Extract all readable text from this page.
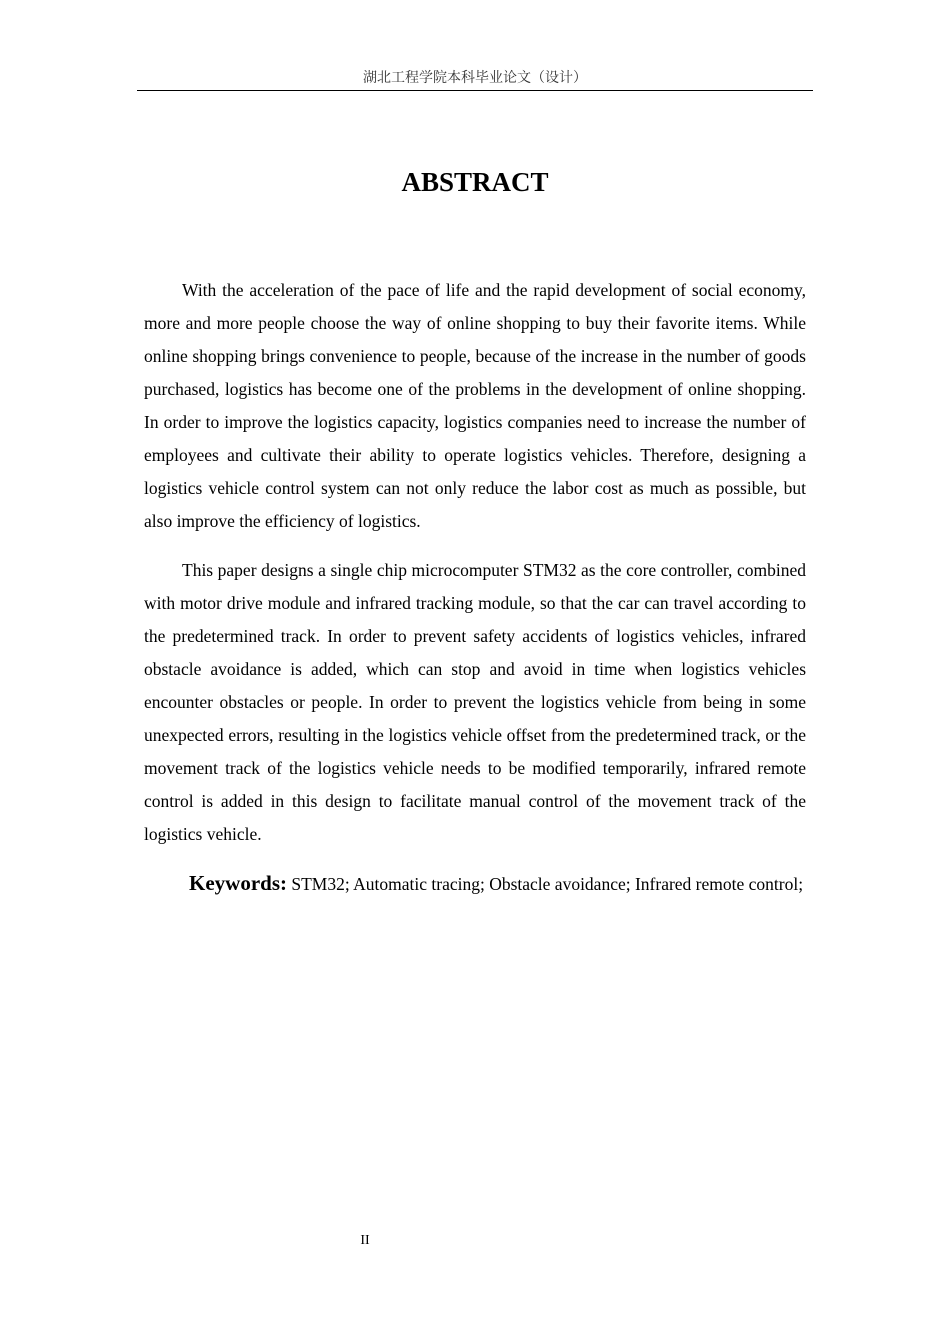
湖北工程学院本科毕业论文（设计）
ABSTRACT

With the acceleration of the pace of life and the rapid development of social economy, more and more people choose the way of online shopping to buy their favorite items. While online shopping brings convenience to people, because of the increase in the number of goods purchased, logistics has become one of the problems in the development of online shopping. In order to improve the logistics capacity, logistics companies need to increase the number of employees and cultivate their ability to operate logistics vehicles. Therefore, designing a logistics vehicle control system can not only reduce the labor cost as much as possible, but also improve the efficiency of logistics.

This paper designs a single chip microcomputer STM32 as the core controller, combined with motor drive module and infrared tracking module, so that the car can travel according to the predetermined track. In order to prevent safety accidents of logistics vehicles, infrared obstacle avoidance is added, which can stop and avoid in time when logistics vehicles encounter obstacles or people. In order to prevent the logistics vehicle from being in some unexpected errors, resulting in the logistics vehicle offset from the predetermined track, or the movement track of the logistics vehicle needs to be modified temporarily, infrared remote control is added in this design to facilitate manual control of the movement track of the logistics vehicle.

Keywords: STM32; Automatic tracing; Obstacle avoidance; Infrared remote control;

II
